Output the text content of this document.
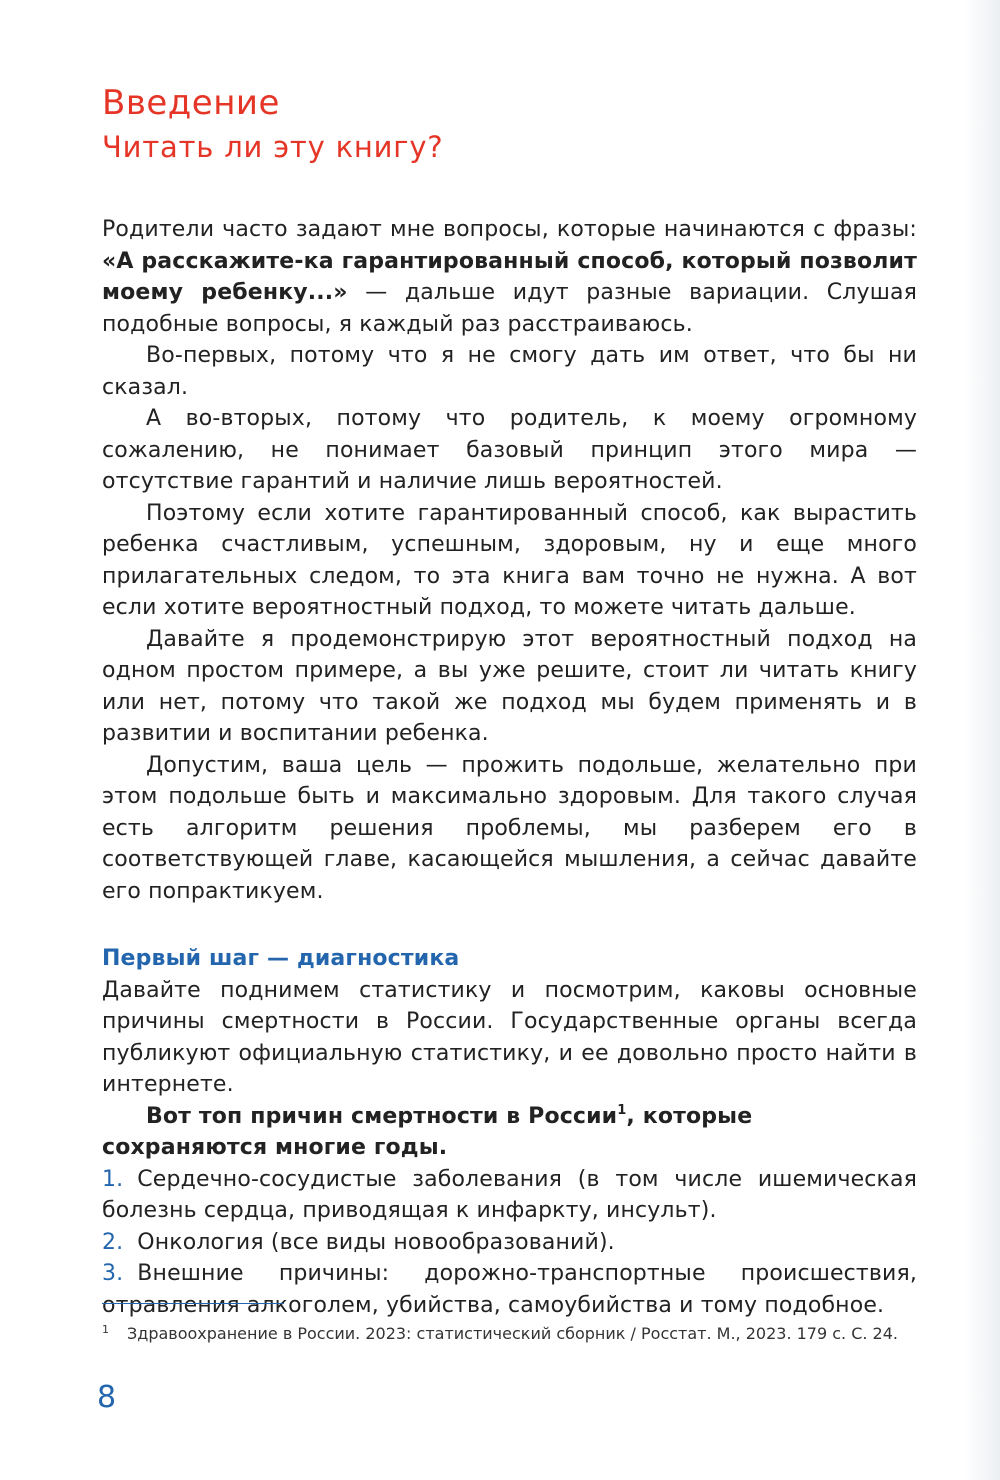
Введение
Читать ли эту книгу?

Родители часто задают мне вопросы, которые начинаются с фразы: «А расскажите-ка гарантированный способ, который позволит моему ребенку...» — дальше идут разные вариации. Слушая подобные вопросы, я каждый раз расстраиваюсь.

Во-первых, потому что я не смогу дать им ответ, что бы ни сказал.

А во-вторых, потому что родитель, к моему огромному сожалению, не понимает базовый принцип этого мира — отсутствие гарантий и наличие лишь вероятностей.

Поэтому если хотите гарантированный способ, как вырастить ребенка счастливым, успешным, здоровым, ну и еще много прилагательных следом, то эта книга вам точно не нужна. А вот если хотите вероятностный подход, то можете читать дальше.

Давайте я продемонстрирую этот вероятностный подход на одном простом примере, а вы уже решите, стоит ли читать книгу или нет, потому что такой же подход мы будем применять и в развитии и воспитании ребенка.

Допустим, ваша цель — прожить подольше, желательно при этом подольше быть и максимально здоровым. Для такого случая есть алгоритм решения проблемы, мы разберем его в соответствующей главе, касающейся мышления, а сейчас давайте его попрактикуем.

Первый шаг — диагностика

Давайте поднимем статистику и посмотрим, каковы основные причины смертности в России. Государственные органы всегда публикуют официальную статистику, и ее довольно просто найти в интернете.

Вот топ причин смертности в России$^1$, которые сохраняются многие годы.

1. Сердечно-сосудистые заболевания (в том числе ишемическая болезнь сердца, приводящая к инфаркту, инсульт).
2. Онкология (все виды новообразований).
3. Внешние причины: дорожно-транспортные происшествия, отравления алкоголем, убийства, самоубийства и тому подобное.
$^1$ Здравоохранение в России. 2023: статистический сборник / Росстат. М., 2023. 179 с. С. 24.
8
